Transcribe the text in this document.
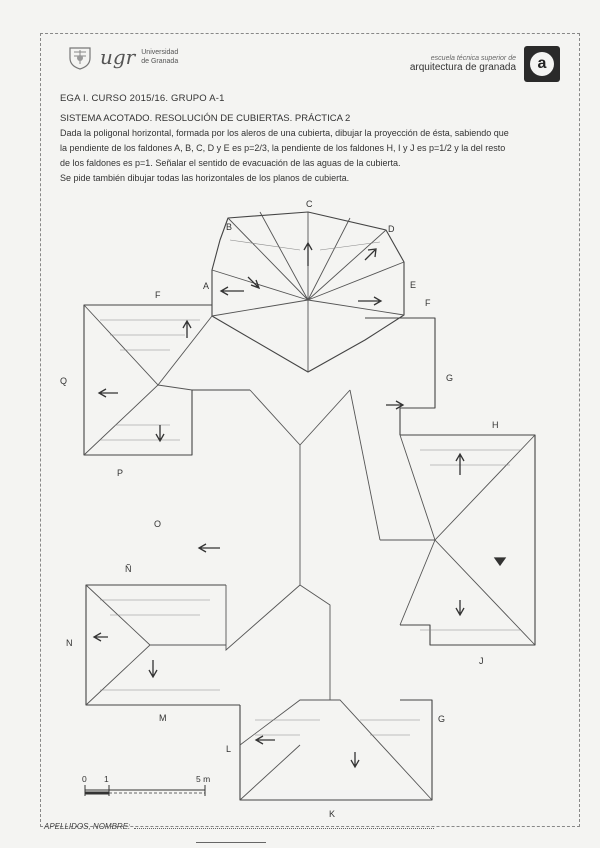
ugr Universidad
de Granada	escuela técnica superior de
arquitectura de granada	a
EGA I. CURSO 2015/16. GRUPO A-1
SISTEMA ACOTADO. RESOLUCIÓN DE CUBIERTAS. PRÁCTICA 2

Dada la poligonal horizontal, formada por los aleros de una cubierta, dibujar la proyección de ésta, sabiendo que

la pendiente de los faldones A, B, C, D y E es p=2/3, la pendiente de los faldones H, I y J es p=1/2 y la del resto

de los faldones es p=1. Señalar el sentido de evacuación de las aguas de la cubierta.

Se pide también dibujar todas las horizontales de los planos de cubierta.

A
B
C
D
E
F
F
G
H
J
G
K
L
M
N
Ñ
O
P
Q
0 1	5 m
APELLIDOS, NOMBRE:
